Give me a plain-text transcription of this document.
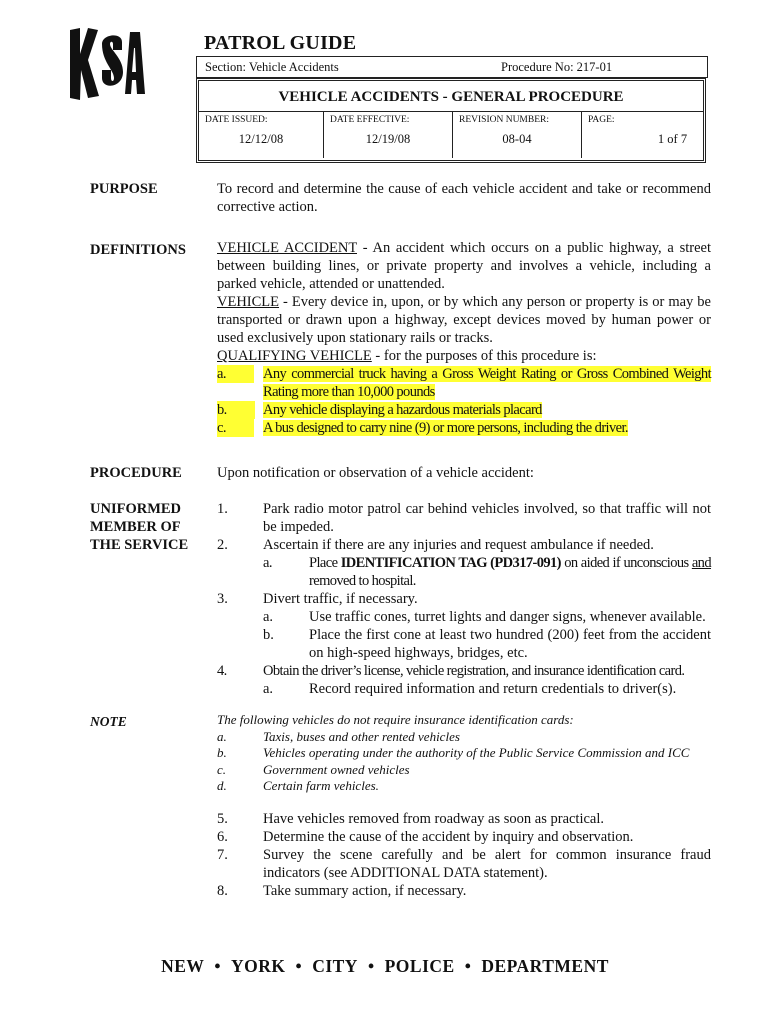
PATROL GUIDE
Section: Vehicle Accidents	Procedure No: 217-01
VEHICLE ACCIDENTS - GENERAL PROCEDURE
DATE ISSUED:
12/12/08
DATE EFFECTIVE:
12/19/08
REVISION NUMBER:
08-04
PAGE:
1 of 7
PURPOSE	To record and determine the cause of each vehicle accident and take or recommend corrective action.

DEFINITIONS VEHICLE ACCIDENT - An accident which occurs on a public highway, a street between building lines, or private property and involves a vehicle, including a parked vehicle, attended or unattended.

VEHICLE - Every device in, upon, or by which any person or property is or may be transported or drawn upon a highway, except devices moved by human power or used exclusively upon stationary rails or tracks.

QUALIFYING VEHICLE - for the purposes of this procedure is:

a.	Any commercial truck having a Gross Weight Rating or Gross Combined Weight Rating more than 10,000 pounds
b.	Any vehicle displaying a hazardous materials placard
c.	A bus designed to carry nine (9) or more persons, including the driver.
PROCEDURE Upon notification or observation of a vehicle accident:

UNIFORMED MEMBER OF THE SERVICE
1. Park radio motor patrol car behind vehicles involved, so that traffic will not be impeded.
2. Ascertain if there are any injuries and request ambulance if needed.
a.	Place IDENTIFICATION TAG (PD317-091) on aided if unconscious and removed to hospital.
3. Divert traffic, if necessary.
a. Use traffic cones, turret lights and danger signs, whenever available.
b. Place the first cone at least two hundred (200) feet from the accident on high-speed highways, bridges, etc.
4.	Obtain the driver’s license, vehicle registration, and insurance identification card.
a. Record required information and return credentials to driver(s).
NOTE	The following vehicles do not require insurance identification cards:

a.	Taxis, buses and other rented vehicles
b.	Vehicles operating under the authority of the Public Service Commission and ICC
c.	Government owned vehicles
d.	Certain farm vehicles.
5. Have vehicles removed from roadway as soon as practical.
6. Determine the cause of the accident by inquiry and observation.
7. Survey the scene carefully and be alert for common insurance fraud indicators (see ADDITIONAL DATA statement).
8. Take summary action, if necessary.
NEW • YORK • CITY • POLICE • DEPARTMENT
